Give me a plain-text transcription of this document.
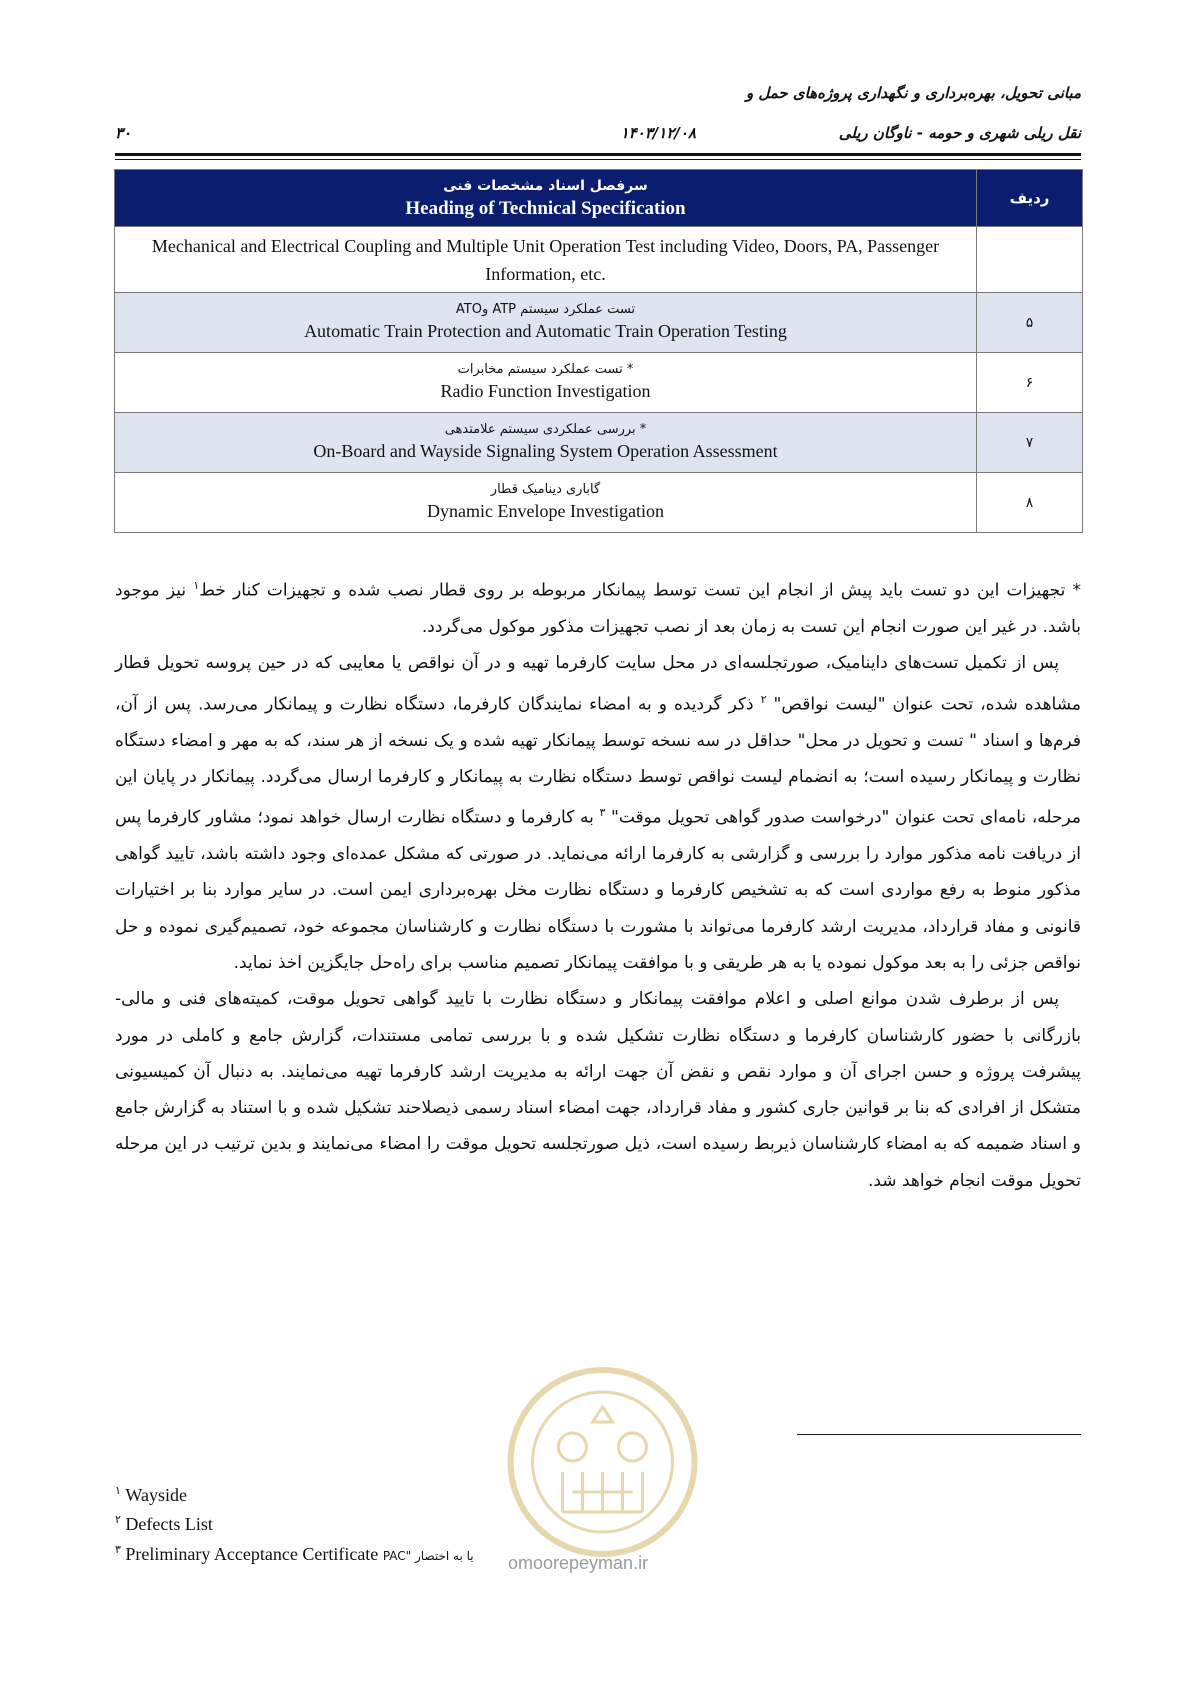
مبانی تحویل، بهره‌برداری و نگهداری پروژه‌های حمل و
نقل ریلی شهری و حومه - ناوگان ریلی
۱۴۰۳/۱۲/۰۸
۳۰
سرفصل اسناد مشخصات فنی
Heading of Technical Specification	ردیف

Mechanical and Electrical Coupling and Multiple Unit Operation Test including Video, Doors, PA, Passenger Information, etc.	

تست عملکرد سیستم ATP وATO
Automatic Train Protection and Automatic Train Operation Testing	۵

* تست عملکرد سیستم مخابرات
Radio Function Investigation	۶

* بررسی عملکردی سیستم علامتدهی
On-Board and Wayside Signaling System Operation Assessment	۷

گاباری دینامیک قطار
Dynamic Envelope Investigation	۸

* تجهیزات این دو تست باید پیش از انجام این تست توسط پیمانکار مربوطه بر روی قطار نصب شده و تجهیزات کنار خط$^۱$ نیز موجود باشد. در غیر این صورت انجام این تست به زمان بعد از نصب تجهیزات مذکور موکول می‌گردد.

پس از تکمیل تست‌های داینامیک، صورتجلسه‌ای در محل سایت کارفرما تهیه و در آن نواقص یا معایبی که در حین پروسه تحویل قطار مشاهده شده، تحت عنوان "لیست نواقص" $^۲$ ذکر گردیده و به امضاء نمایندگان کارفرما، دستگاه نظارت و پیمانکار می‌رسد. پس از آن، فرم‌ها و اسناد " تست و تحویل در محل" حداقل در سه نسخه توسط پیمانکار تهیه شده و یک نسخه از هر سند، که به مهر و امضاء دستگاه نظارت و پیمانکار رسیده است؛ به انضمام لیست نواقص توسط دستگاه نظارت به پیمانکار و کارفرما ارسال می‌گردد. پیمانکار در پایان این مرحله، نامه‌ای تحت عنوان "درخواست صدور گواهی تحویل موقت" $^۳$ به کارفرما و دستگاه نظارت ارسال خواهد نمود؛ مشاور کارفرما پس از دریافت نامه مذکور موارد را بررسی و گزارشی به کارفرما ارائه می‌نماید. در صورتی که مشکل عمده‌ای وجود داشته باشد، تایید گواهی مذکور منوط به رفع مواردی است که به تشخیص کارفرما و دستگاه نظارت مخل بهره‌برداری ایمن است. در سایر موارد بنا بر اختیارات قانونی و مفاد قرارداد، مدیریت ارشد کارفرما می‌تواند با مشورت با دستگاه نظارت و کارشناسان مجموعه خود، تصمیم‌گیری نموده و حل نواقص جزئی را به بعد موکول نموده یا به هر طریقی و با موافقت پیمانکار تصمیم مناسب برای راه‌حل جایگزین اخذ نماید.

پس از برطرف شدن موانع اصلی و اعلام موافقت پیمانکار و دستگاه نظارت با تایید گواهی تحویل موقت، کمیته‌های فنی و مالی- بازرگانی با حضور کارشناسان کارفرما و دستگاه نظارت تشکیل شده و با بررسی تمامی مستندات، گزارش جامع و کاملی در مورد پیشرفت پروژه و حسن اجرای آن و موارد نقص و نقض آن جهت ارائه به مدیریت ارشد کارفرما تهیه می‌نمایند. به دنبال آن کمیسیونی متشکل از افرادی که بنا بر قوانین جاری کشور و مفاد قرارداد، جهت امضاء اسناد رسمی ذیصلاحند تشکیل شده و با استناد به گزارش جامع و اسناد ضمیمه که به امضاء کارشناسان ذیربط رسیده است، ذیل صورتجلسه تحویل موقت را امضاء می‌نمایند و بدین ترتیب در این مرحله تحویل موقت انجام خواهد شد.

omoorepeyman.ir
$^۱$ Wayside
$^۲$ Defects List
$^۳$ Preliminary Acceptance Certificate یا به اختصار "PAC
